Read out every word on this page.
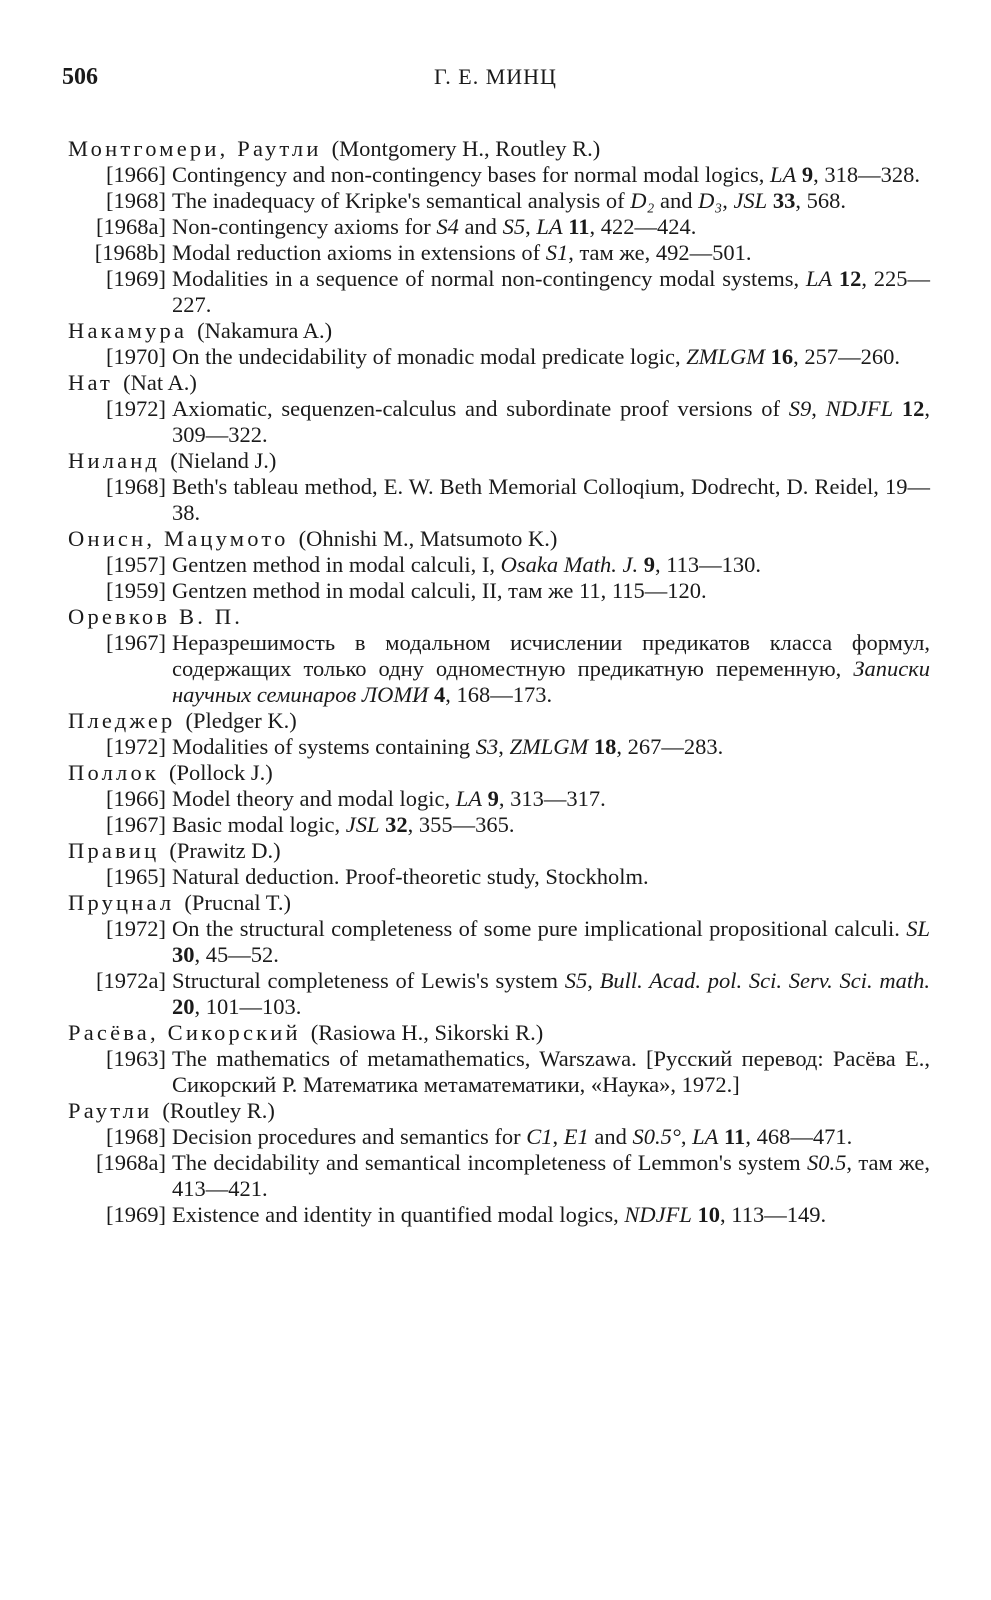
506	Г. Е. МИНЦ
Монтгомери, Раутли (Montgomery H., Routley R.)
[1966] Contingency and non-contingency bases for normal modal logics, LA 9, 318—328.
[1968] The inadequacy of Kripke's semantical analysis of D₂ and D₃, JSL 33, 568.
[1968a] Non-contingency axioms for S4 and S5, LA 11, 422—424.
[1968b] Modal reduction axioms in extensions of S1, там же, 492—501.
[1969] Modalities in a sequence of normal non-contingency modal systems, LA 12, 225—227.
Накамура (Nakamura A.)
[1970] On the undecidability of monadic modal predicate logic, ZMLGM 16, 257—260.
Нат (Nat A.)
[1972] Axiomatic, sequenzen-calculus and subordinate proof versions of S9, NDJFL 12, 309—322.
Ниланд (Nieland J.)
[1968] Beth's tableau method, E. W. Beth Memorial Colloqium, Dodrecht, D. Reidel, 19—38.
Онисн, Мацумото (Ohnishi M., Matsumoto K.)
[1957] Gentzen method in modal calculi, I, Osaka Math. J. 9, 113—130.
[1959] Gentzen method in modal calculi, II, там же 11, 115—120.
Оревков В. П.
[1967] Неразрешимость в модальном исчислении предикатов класса формул, содержащих только одну одноместную предикатную переменную, Записки научных семинаров ЛОМИ 4, 168—173.
Пледжер (Pledger K.)
[1972] Modalities of systems containing S3, ZMLGM 18, 267—283.
Поллок (Pollock J.)
[1966] Model theory and modal logic, LA 9, 313—317.
[1967] Basic modal logic, JSL 32, 355—365.
Правиц (Prawitz D.)
[1965] Natural deduction. Proof-theoretic study, Stockholm.
Пруцнал (Prucnal T.)
[1972] On the structural completeness of some pure implicational propositional calculi. SL 30, 45—52.
[1972a] Structural completeness of Lewis's system S5, Bull. Acad. pol. Sci. Serv. Sci. math. 20, 101—103.
Расёва, Сикорский (Rasiowa H., Sikorski R.)
[1963] The mathematics of metamathematics, Warszawa. [Русский перевод: Расёва Е., Сикорский Р. Математика метаматематики, «Наука», 1972.]
Раутли (Routley R.)
[1968] Decision procedures and semantics for C1, E1 and S0.5°, LA 11, 468—471.
[1968a] The decidability and semantical incompleteness of Lemmon's system S0.5, там же, 413—421.
[1969] Existence and identity in quantified modal logics, NDJFL 10, 113—149.
